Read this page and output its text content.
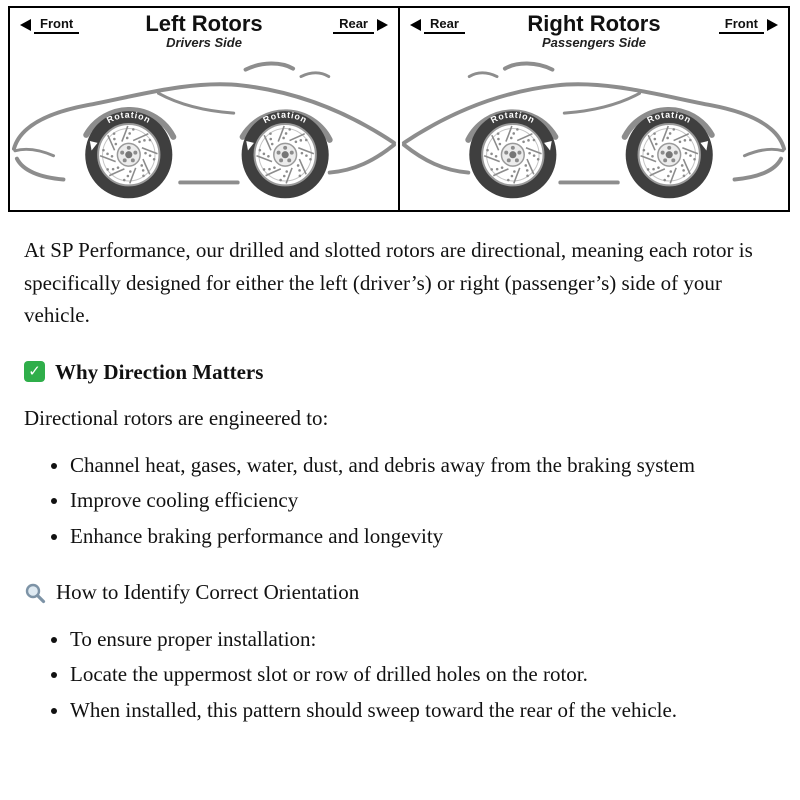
Front	Left Rotors
Drivers Side
Rear
Rotation	Rotation
Rear	Right Rotors
Passengers Side
Front
Rotation
Rotation

At SP Performance, our drilled and slotted rotors are directional, meaning each rotor is specifically designed for either the left (driver’s) or right (passenger’s) side of your vehicle.

✓ Why Direction Matters

Directional rotors are engineered to:

• Channel heat, gases, water, dust, and debris away from the braking system
• Improve cooling efficiency
• Enhance braking performance and longevity
How to Identify Correct Orientation
• To ensure proper installation:
• Locate the uppermost slot or row of drilled holes on the rotor.
• When installed, this pattern should sweep toward the rear of the vehicle.
